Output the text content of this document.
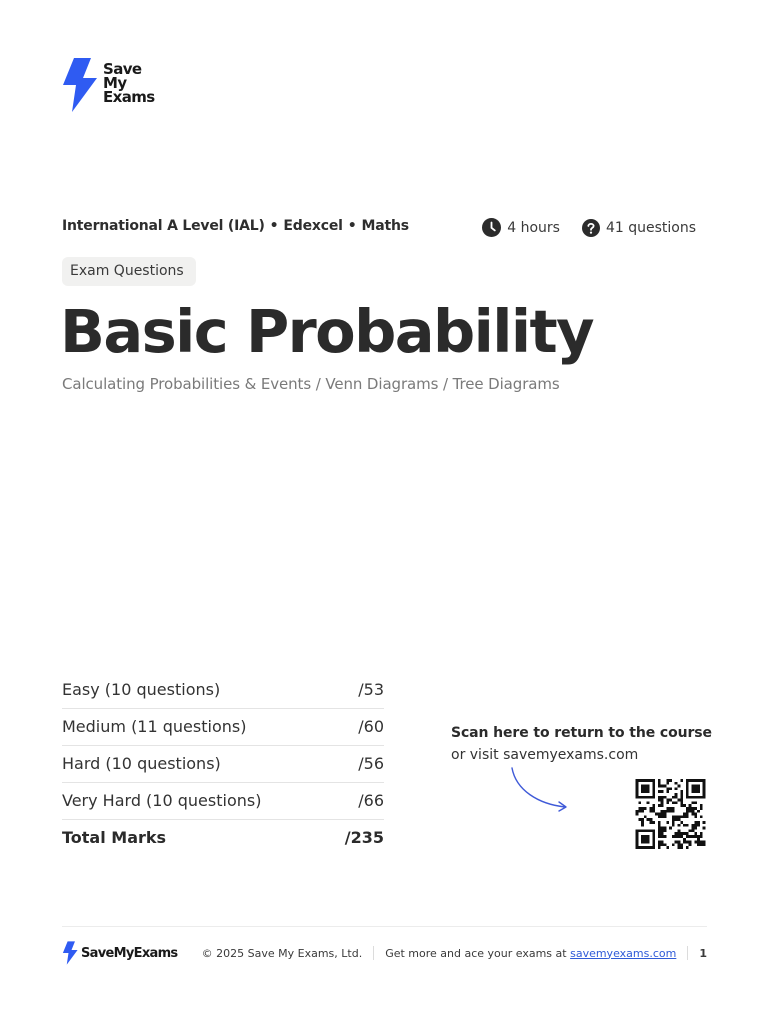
Save
My
Exams
International A Level (IAL) • Edexcel • Maths	4 hours	41 questions
Exam Questions
Basic Probability
Calculating Probabilities & Events / Venn Diagrams / Tree Diagrams
Easy (10 questions)	/53
Medium (11 questions)	/60
Hard (10 questions)	/56
Very Hard (10 questions)	/66
Total Marks	/235
Scan here to return to the course
or visit savemyexams.com
SaveMyExams © 2025 Save My Exams, Ltd. Get more and ace your exams at savemyexams.com 1
